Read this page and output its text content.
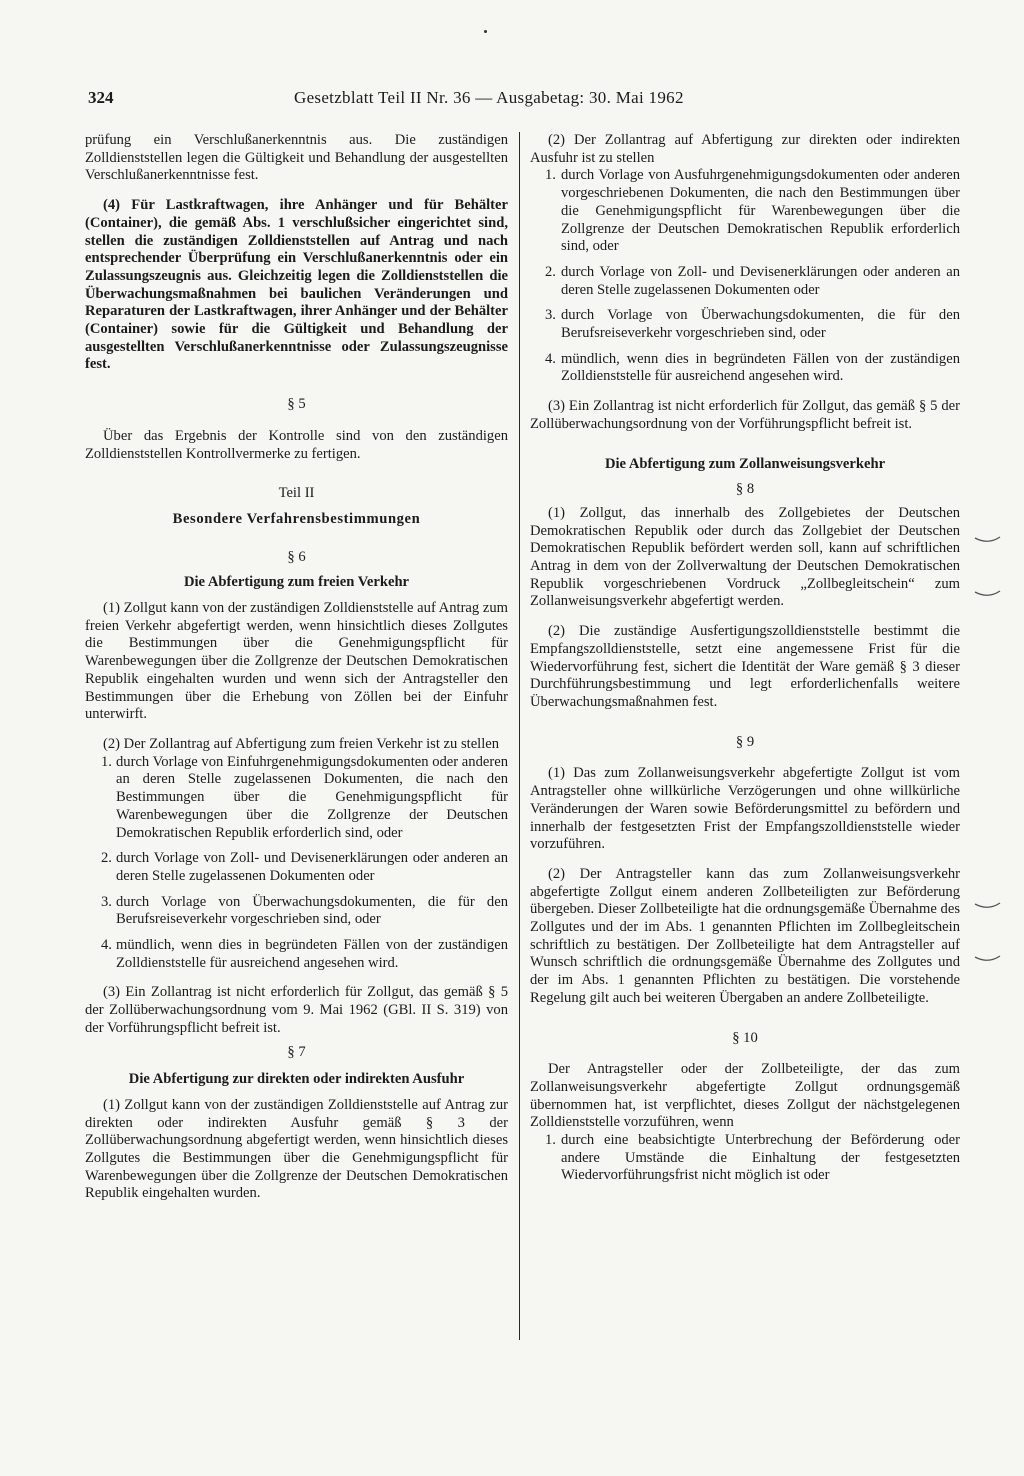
324	Gesetzblatt Teil II Nr. 36 — Ausgabetag: 30. Mai 1962

prüfung ein Verschlußanerkenntnis aus. Die zuständigen Zolldienststellen legen die Gültigkeit und Behandlung der ausgestellten Verschlußanerkenntnisse fest.

(4) Für Lastkraftwagen, ihre Anhänger und für Behälter (Container), die gemäß Abs. 1 verschlußsicher eingerichtet sind, stellen die zuständigen Zolldienststellen auf Antrag und nach entsprechender Überprüfung ein Verschlußanerkenntnis oder ein Zulassungszeugnis aus. Gleichzeitig legen die Zolldienststellen die Überwachungsmaßnahmen bei baulichen Veränderungen und Reparaturen der Lastkraftwagen, ihrer Anhänger und der Behälter (Container) sowie für die Gültigkeit und Behandlung der ausgestellten Verschlußanerkenntnisse oder Zulassungszeugnisse fest.

§ 5

Über das Ergebnis der Kontrolle sind von den zuständigen Zolldienststellen Kontrollvermerke zu fertigen.

Teil II

Besondere Verfahrensbestimmungen

§ 6

Die Abfertigung zum freien Verkehr

(1) Zollgut kann von der zuständigen Zolldienststelle auf Antrag zum freien Verkehr abgefertigt werden, wenn hinsichtlich dieses Zollgutes die Bestimmungen über die Genehmigungspflicht für Warenbewegungen über die Zollgrenze der Deutschen Demokratischen Republik eingehalten wurden und wenn sich der Antragsteller den Bestimmungen über die Erhebung von Zöllen bei der Einfuhr unterwirft.

(2) Der Zollantrag auf Abfertigung zum freien Verkehr ist zu stellen

1. durch Vorlage von Einfuhrgenehmigungsdokumenten oder anderen an deren Stelle zugelassenen Dokumenten, die nach den Bestimmungen über die Genehmigungspflicht für Warenbewegungen über die Zollgrenze der Deutschen Demokratischen Republik erforderlich sind, oder
2. durch Vorlage von Zoll- und Devisenerklärungen oder anderen an deren Stelle zugelassenen Dokumenten oder
3. durch Vorlage von Überwachungsdokumenten, die für den Berufsreiseverkehr vorgeschrieben sind, oder
4. mündlich, wenn dies in begründeten Fällen von der zuständigen Zolldienststelle für ausreichend angesehen wird.

(3) Ein Zollantrag ist nicht erforderlich für Zollgut, das gemäß § 5 der Zollüberwachungsordnung vom 9. Mai 1962 (GBl. II S. 319) von der Vorführungspflicht befreit ist.

§ 7

Die Abfertigung zur direkten oder indirekten Ausfuhr

(1) Zollgut kann von der zuständigen Zolldienststelle auf Antrag zur direkten oder indirekten Ausfuhr gemäß § 3 der Zollüberwachungsordnung abgefertigt werden, wenn hinsichtlich dieses Zollgutes die Bestimmungen über die Genehmigungspflicht für Warenbewegungen über die Zollgrenze der Deutschen Demokratischen Republik eingehalten wurden.

(2) Der Zollantrag auf Abfertigung zur direkten oder indirekten Ausfuhr ist zu stellen

1. durch Vorlage von Ausfuhrgenehmigungsdokumenten oder anderen vorgeschriebenen Dokumenten, die nach den Bestimmungen über die Genehmigungspflicht für Warenbewegungen über die Zollgrenze der Deutschen Demokratischen Republik erforderlich sind, oder
2. durch Vorlage von Zoll- und Devisenerklärungen oder anderen an deren Stelle zugelassenen Dokumenten oder
3. durch Vorlage von Überwachungsdokumenten, die für den Berufsreiseverkehr vorgeschrieben sind, oder
4. mündlich, wenn dies in begründeten Fällen von der zuständigen Zolldienststelle für ausreichend angesehen wird.

(3) Ein Zollantrag ist nicht erforderlich für Zollgut, das gemäß § 5 der Zollüberwachungsordnung von der Vorführungspflicht befreit ist.

Die Abfertigung zum Zollanweisungsverkehr

§ 8

(1) Zollgut, das innerhalb des Zollgebietes der Deutschen Demokratischen Republik oder durch das Zollgebiet der Deutschen Demokratischen Republik befördert werden soll, kann auf schriftlichen Antrag in dem von der Zollverwaltung der Deutschen Demokratischen Republik vorgeschriebenen Vordruck „Zollbegleitschein“ zum Zollanweisungsverkehr abgefertigt werden.

(2) Die zuständige Ausfertigungszolldienststelle bestimmt die Empfangszolldienststelle, setzt eine angemessene Frist für die Wiedervorführung fest, sichert die Identität der Ware gemäß § 3 dieser Durchführungsbestimmung und legt erforderlichenfalls weitere Überwachungsmaßnahmen fest.

§ 9

(1) Das zum Zollanweisungsverkehr abgefertigte Zollgut ist vom Antragsteller ohne willkürliche Verzögerungen und ohne willkürliche Veränderungen der Waren sowie Beförderungsmittel zu befördern und innerhalb der festgesetzten Frist der Empfangszolldienststelle wieder vorzuführen.

(2) Der Antragsteller kann das zum Zollanweisungsverkehr abgefertigte Zollgut einem anderen Zollbeteiligten zur Beförderung übergeben. Dieser Zollbeteiligte hat die ordnungsgemäße Übernahme des Zollgutes und der im Abs. 1 genannten Pflichten im Zollbegleitschein schriftlich zu bestätigen. Der Zollbeteiligte hat dem Antragsteller auf Wunsch schriftlich die ordnungsgemäße Übernahme des Zollgutes und der im Abs. 1 genannten Pflichten zu bestätigen. Die vorstehende Regelung gilt auch bei weiteren Übergaben an andere Zollbeteiligte.

§ 10

Der Antragsteller oder der Zollbeteiligte, der das zum Zollanweisungsverkehr abgefertigte Zollgut ordnungsgemäß übernommen hat, ist verpflichtet, dieses Zollgut der nächstgelegenen Zolldienststelle vorzuführen, wenn

1. durch eine beabsichtigte Unterbrechung der Beförderung oder andere Umstände die Einhaltung der festgesetzten Wiedervorführungsfrist nicht möglich ist oder
